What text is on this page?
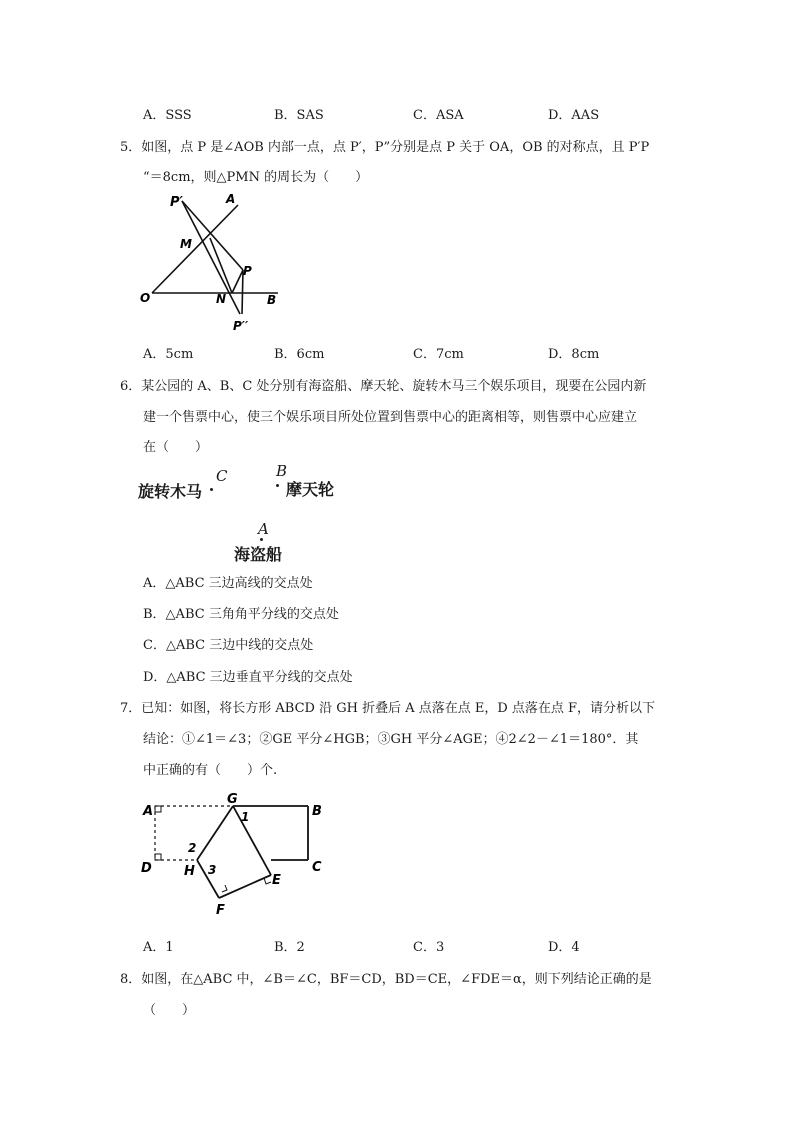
A．SSS	B．SAS	C．ASA	D．AAS
5．如图，点 P 是∠AOB 内部一点，点 P′，P”分别是点 P 关于 OA，OB 的对称点，且 P′P
“＝8cm，则△PMN 的周长为（　　）
P′	A
M
P
O	N	B
P′′
A．5cm	B．6cm	C．7cm	D．8cm
6．某公园的 A、B、C 处分别有海盗船、摩天轮、旋转木马三个娱乐项目，现要在公园内新
建一个售票中心，使三个娱乐项目所处位置到售票中心的距离相等，则售票中心应建立
在（　　）
旋转木马
C	B
摩天轮
A
海盗船
A．△ABC 三边高线的交点处
B．△ABC 三角角平分线的交点处
C．△ABC 三边中线的交点处
D．△ABC 三边垂直平分线的交点处
7．已知：如图，将长方形 ABCD 沿 GH 折叠后 A 点落在点 E，D 点落在点 F，请分析以下
结论：①∠1＝∠3；②GE 平分∠HGB；③GH 平分∠AGE；④2∠2－∠1＝180°．其
中正确的有（　　）个.
A
G
B
1
2
D H 3	C
E
F
A．1	B．2	C．3	D．4
8．如图，在△ABC 中，∠B＝∠C，BF＝CD，BD＝CE，∠FDE＝α，则下列结论正确的是
（　　）
